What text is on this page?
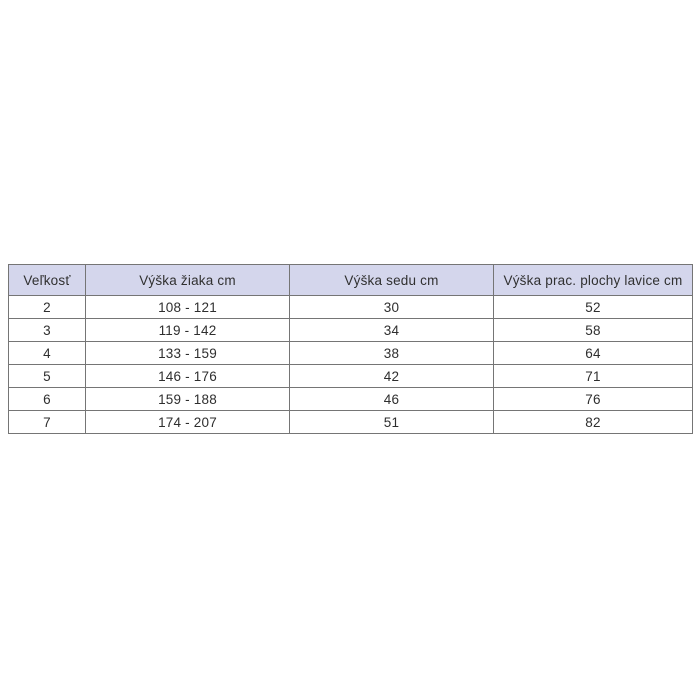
Veľkosť	Výška žiaka cm	Výška sedu cm	Výška prac. plochy lavice cm
2	108 - 121	30	52
3	119 - 142	34	58
4	133 - 159	38	64
5	146 - 176	42	71
6	159 - 188	46	76
7	174 - 207	51	82
